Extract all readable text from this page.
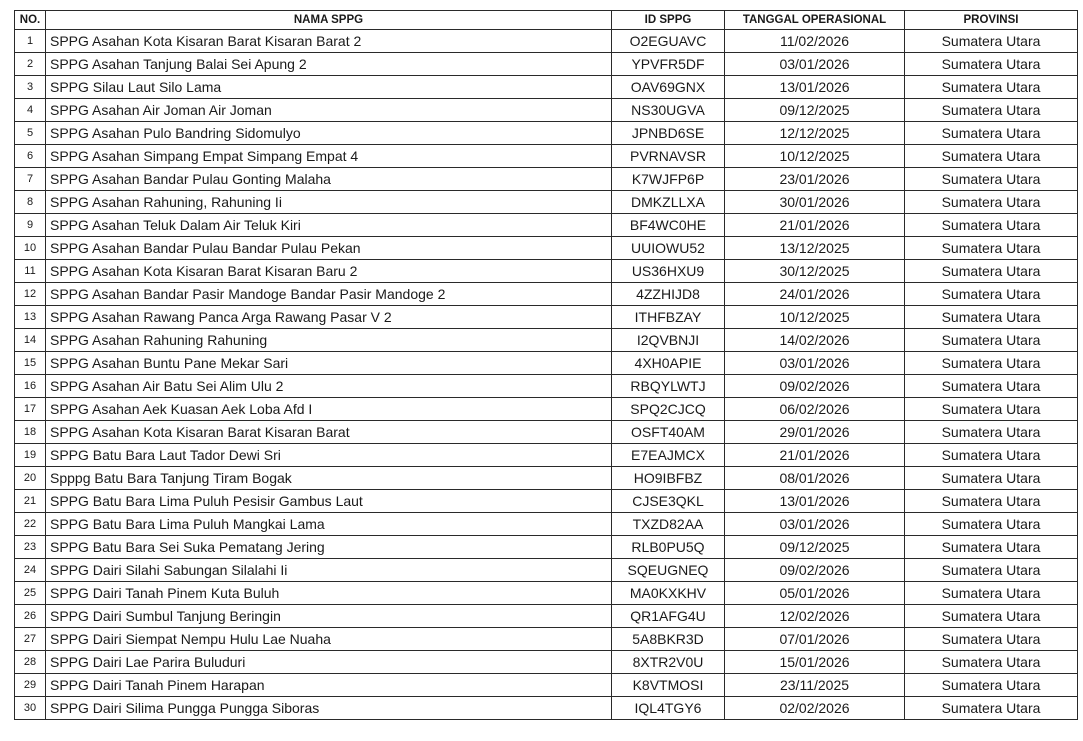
NO.	NAMA SPPG	ID SPPG	TANGGAL OPERASIONAL	PROVINSI
1	SPPG Asahan Kota Kisaran Barat Kisaran Barat 2	O2EGUAVC	11/02/2026	Sumatera Utara
2	SPPG Asahan Tanjung Balai Sei Apung 2	YPVFR5DF	03/01/2026	Sumatera Utara
3	SPPG Silau Laut Silo Lama	OAV69GNX	13/01/2026	Sumatera Utara
4	SPPG Asahan Air Joman Air Joman	NS30UGVA	09/12/2025	Sumatera Utara
5	SPPG Asahan Pulo Bandring Sidomulyo	JPNBD6SE	12/12/2025	Sumatera Utara
6	SPPG Asahan Simpang Empat Simpang Empat 4	PVRNAVSR	10/12/2025	Sumatera Utara
7	SPPG Asahan Bandar Pulau Gonting Malaha	K7WJFP6P	23/01/2026	Sumatera Utara
8	SPPG Asahan Rahuning, Rahuning Ii	DMKZLLXA	30/01/2026	Sumatera Utara
9	SPPG Asahan Teluk Dalam Air Teluk Kiri	BF4WC0HE	21/01/2026	Sumatera Utara
10	SPPG Asahan Bandar Pulau Bandar Pulau Pekan	UUIOWU52	13/12/2025	Sumatera Utara
11	SPPG Asahan Kota Kisaran Barat Kisaran Baru 2	US36HXU9	30/12/2025	Sumatera Utara
12	SPPG Asahan Bandar Pasir Mandoge Bandar Pasir Mandoge 2	4ZZHIJD8	24/01/2026	Sumatera Utara
13	SPPG Asahan Rawang Panca Arga Rawang Pasar V 2	ITHFBZAY	10/12/2025	Sumatera Utara
14	SPPG Asahan Rahuning Rahuning	I2QVBNJI	14/02/2026	Sumatera Utara
15	SPPG Asahan Buntu Pane Mekar Sari	4XH0APIE	03/01/2026	Sumatera Utara
16	SPPG Asahan Air Batu Sei Alim Ulu 2	RBQYLWTJ	09/02/2026	Sumatera Utara
17	SPPG Asahan Aek Kuasan Aek Loba Afd I	SPQ2CJCQ	06/02/2026	Sumatera Utara
18	SPPG Asahan Kota Kisaran Barat Kisaran Barat	OSFT40AM	29/01/2026	Sumatera Utara
19	SPPG Batu Bara Laut Tador Dewi Sri	E7EAJMCX	21/01/2026	Sumatera Utara
20	Spppg Batu Bara Tanjung Tiram Bogak	HO9IBFBZ	08/01/2026	Sumatera Utara
21	SPPG Batu Bara Lima Puluh Pesisir Gambus Laut	CJSE3QKL	13/01/2026	Sumatera Utara
22	SPPG Batu Bara Lima Puluh Mangkai Lama	TXZD82AA	03/01/2026	Sumatera Utara
23	SPPG Batu Bara Sei Suka Pematang Jering	RLB0PU5Q	09/12/2025	Sumatera Utara
24	SPPG Dairi Silahi Sabungan Silalahi Ii	SQEUGNEQ	09/02/2026	Sumatera Utara
25	SPPG Dairi Tanah Pinem Kuta Buluh	MA0KXKHV	05/01/2026	Sumatera Utara
26	SPPG Dairi Sumbul Tanjung Beringin	QR1AFG4U	12/02/2026	Sumatera Utara
27	SPPG Dairi Siempat Nempu Hulu Lae Nuaha	5A8BKR3D	07/01/2026	Sumatera Utara
28	SPPG Dairi Lae Parira Buluduri	8XTR2V0U	15/01/2026	Sumatera Utara
29	SPPG Dairi Tanah Pinem Harapan	K8VTMOSI	23/11/2025	Sumatera Utara
30	SPPG Dairi Silima Pungga Pungga Siboras	IQL4TGY6	02/02/2026	Sumatera Utara
